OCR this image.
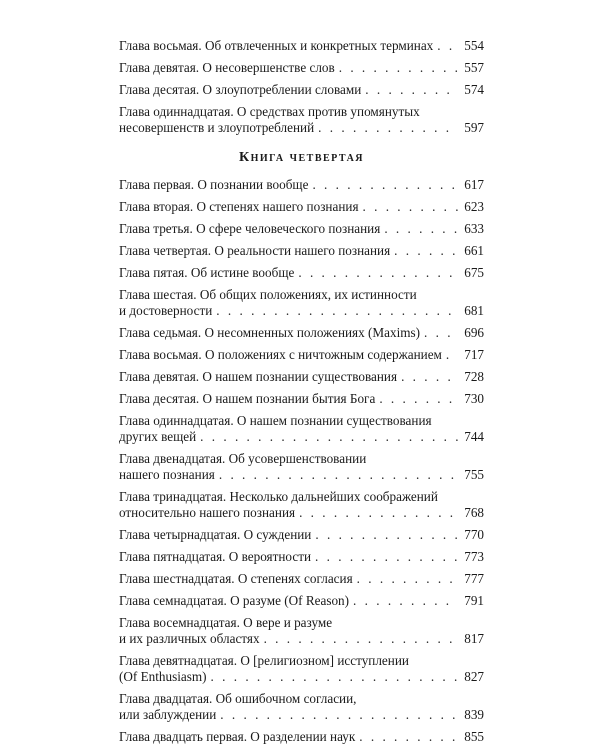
Глава восьмая. Об отвлеченных и конкретных терминах . . . 554
Глава девятая. О несовершенстве слов . . .	557
Глава десятая. О злоупотреблении словами . . .	574
Глава одиннадцатая. О средствах против упомянутых
несовершенств и злоупотреблений . . .	597
Книга четвертая
Глава первая. О познании вообще . . .	617
Глава вторая. О степенях нашего познания . . .	623
Глава третья. О сфере человеческого познания . . .	633
Глава четвертая. О реальности нашего познания . . .	661
Глава пятая. Об истине вообще . . .	675
Глава шестая. Об общих положениях, их истинности
и достоверности . . .	681
Глава седьмая. О несомненных положениях (Maxims) . . .	696
Глава восьмая. О положениях с ничтожным содержанием . . . 717
Глава девятая. О нашем познании существования . . .	728
Глава десятая. О нашем познании бытия Бога . . .	730
Глава одиннадцатая. О нашем познании существования
других вещей . . .	744
Глава двенадцатая. Об усовершенствовании
нашего познания . . .	755
Глава тринадцатая. Несколько дальнейших соображений
относительно нашего познания . . .	768
Глава четырнадцатая. О суждении . . .	770
Глава пятнадцатая. О вероятности . . .	773
Глава шестнадцатая. О степенях согласия . . .	777
Глава семнадцатая. О разуме (Of Reason) . . .	791
Глава восемнадцатая. О вере и разуме
и их различных областях . . .	817
Глава девятнадцатая. О [религиозном] исступлении
(Of Enthusiasm) . . .	827
Глава двадцатая. Об ошибочном согласии,
или заблуждении . . .	839
Глава двадцать первая. О разделении наук . . .	855
